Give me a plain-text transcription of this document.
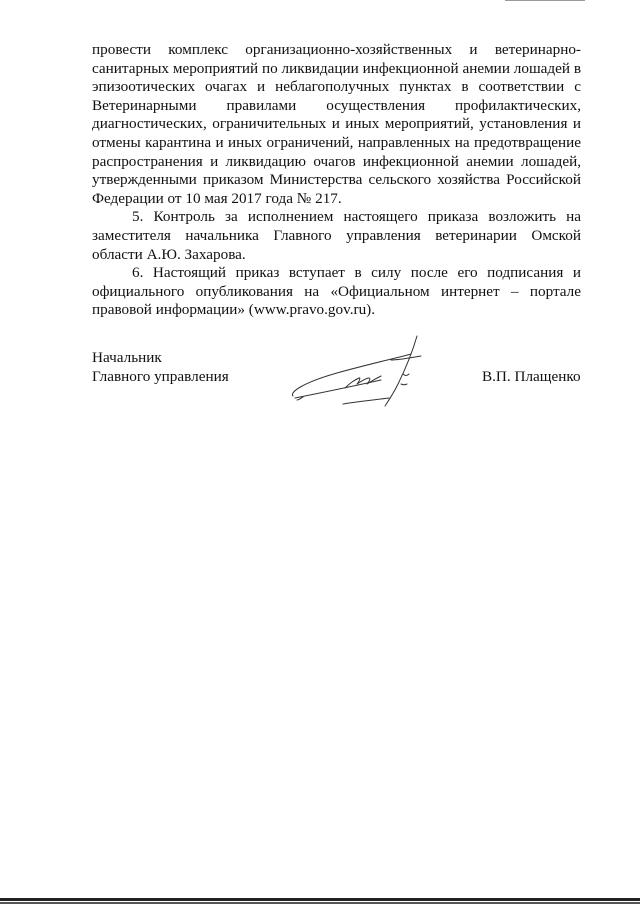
провести комплекс организационно-хозяйственных и ветеринарно-санитарных мероприятий по ликвидации инфекционной анемии лошадей в эпизоотических очагах и неблагополучных пунктах в соответствии с Ветеринарными правилами осуществления профилактических, диагностических, ограничительных и иных мероприятий, установления и отмены карантина и иных ограничений, направленных на предотвращение распространения и ликвидацию очагов инфекционной анемии лошадей, утвержденными приказом Министерства сельского хозяйства Российской Федерации от 10 мая 2017 года № 217.

5. Контроль за исполнением настоящего приказа возложить на заместителя начальника Главного управления ветеринарии Омской области А.Ю. Захарова.

6. Настоящий приказ вступает в силу после его подписания и официального опубликования на «Официальном интернет – портале правовой информации» (www.pravo.gov.ru).

Начальник
Главного управления	В.П. Плащенко
